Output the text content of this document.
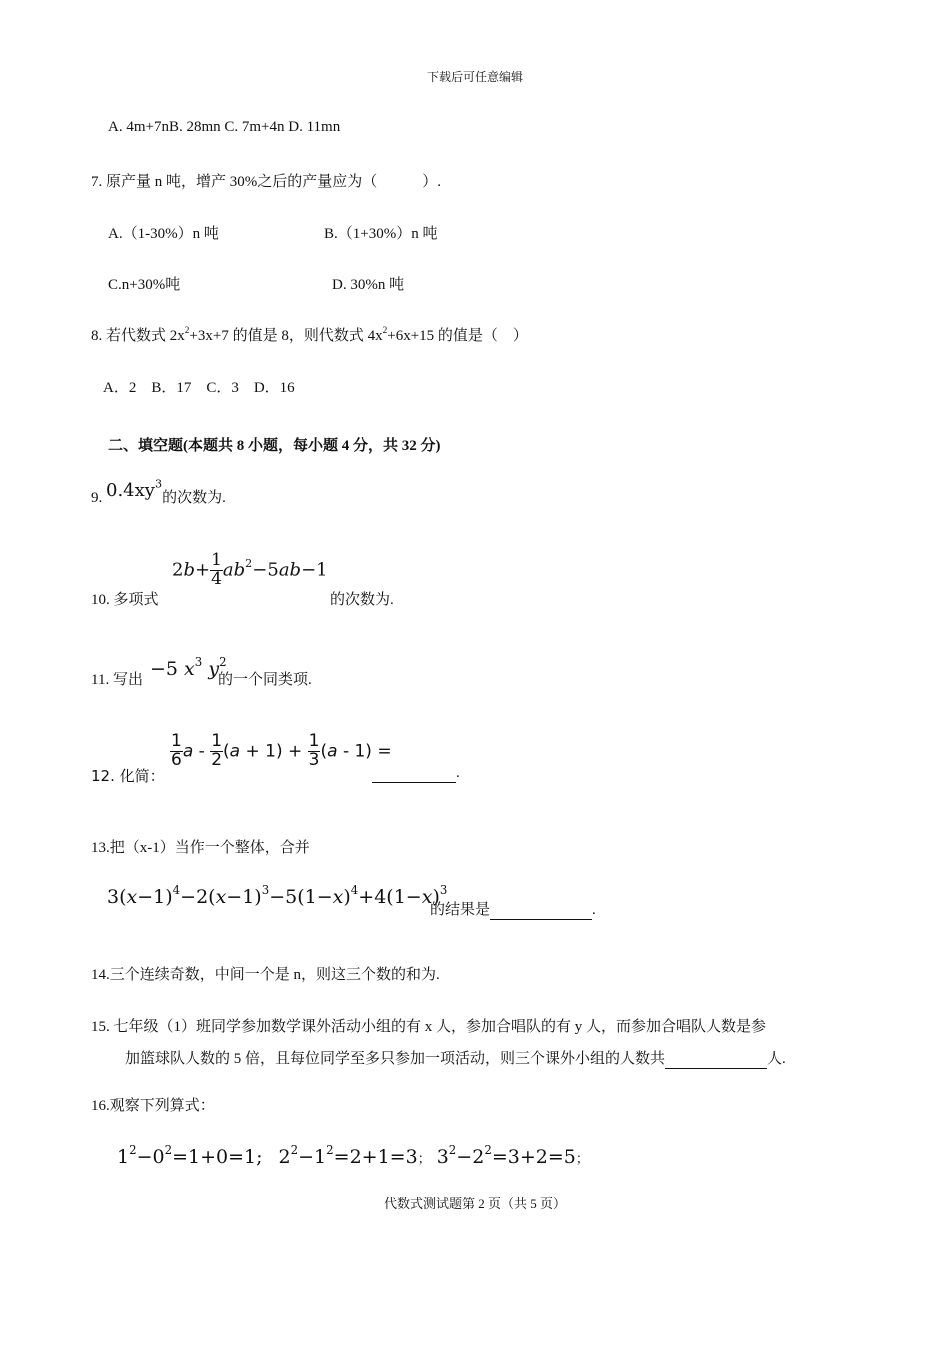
下载后可任意编辑
A. 4m+7nB. 28mn C. 7m+4n D. 11mn
7. 原产量 n 吨，增产 30%之后的产量应为（　　　）.
A.（1-30%）n 吨	B.（1+30%）n 吨
C.n+30%吨	D. 30%n 吨
8. 若代数式 $2x^2+3x+7$ 的值是 8，则代数式 $4x^2+6x+15$ 的值是（　）
A．2　B．17　C．3　D．16
二、填空题(本题共 8 小题，每小题 4 分，共 32 分)
9. $0.4xy^3$的次数为.
10. 多项式
$2b+ \frac{1}{4} ab^2-5ab-1$
的次数为.
11. 写出 −5 $x^3$ $y^2$
的一个同类项.
12. 化简：
$\frac{1}{6}$ $a - \frac{1}{2} (a + 1) + \frac{1}{3} (a - 1)$ =
.
13.把（x-1）当作一个整体，合并
$3(x-1)^4-2(x-1)^3-5(1-x)^4+4(1-x)^3$
的结果是	.
14.三个连续奇数，中间一个是 n，则这三个数的和为.
15. 七年级（1）班同学参加数学课外活动小组的有 x 人，参加合唱队的有 y 人，而参加合唱队人数是参
加篮球队人数的 5 倍，且每位同学至多只参加一项活动，则三个课外小组的人数共	人.
16.观察下列算式：
$1^2-0^2=1+0=1$; $2^2-1^2=2+1=3$； $3^2-2^2=3+2=5$；
代数式测试题第 2 页（共 5 页）
